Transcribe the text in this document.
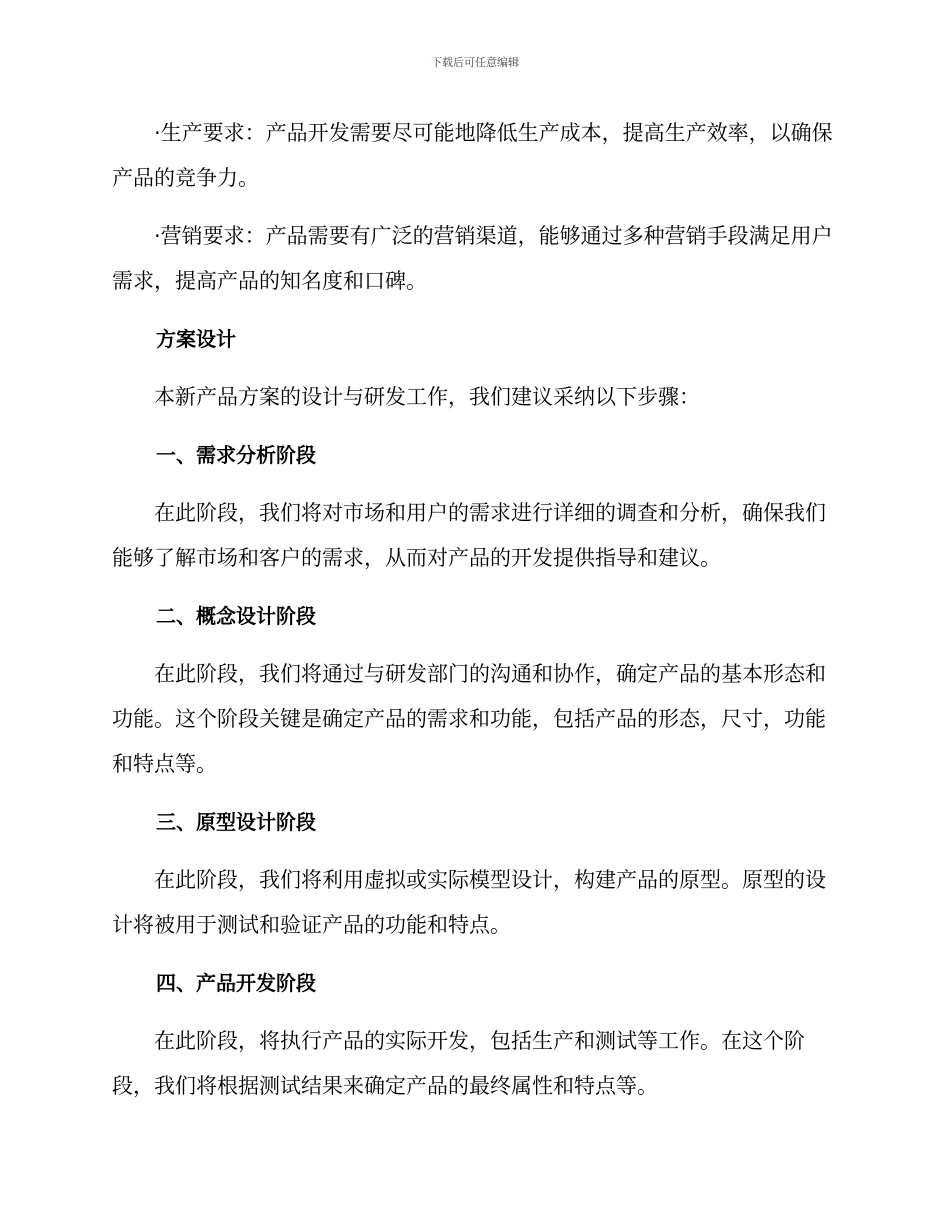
下载后可任意编辑
·生产要求：产品开发需要尽可能地降低生产成本，提高生产效率，以确保产品的竞争力。
·营销要求：产品需要有广泛的营销渠道，能够通过多种营销手段满足用户需求，提高产品的知名度和口碑。
方案设计
本新产品方案的设计与研发工作，我们建议采纳以下步骤：
一、需求分析阶段
在此阶段，我们将对市场和用户的需求进行详细的调查和分析，确保我们能够了解市场和客户的需求，从而对产品的开发提供指导和建议。
二、概念设计阶段
在此阶段，我们将通过与研发部门的沟通和协作，确定产品的基本形态和功能。这个阶段关键是确定产品的需求和功能，包括产品的形态，尺寸，功能和特点等。
三、原型设计阶段
在此阶段，我们将利用虚拟或实际模型设计，构建产品的原型。原型的设计将被用于测试和验证产品的功能和特点。
四、产品开发阶段
在此阶段，将执行产品的实际开发，包括生产和测试等工作。在这个阶段，我们将根据测试结果来确定产品的最终属性和特点等。
